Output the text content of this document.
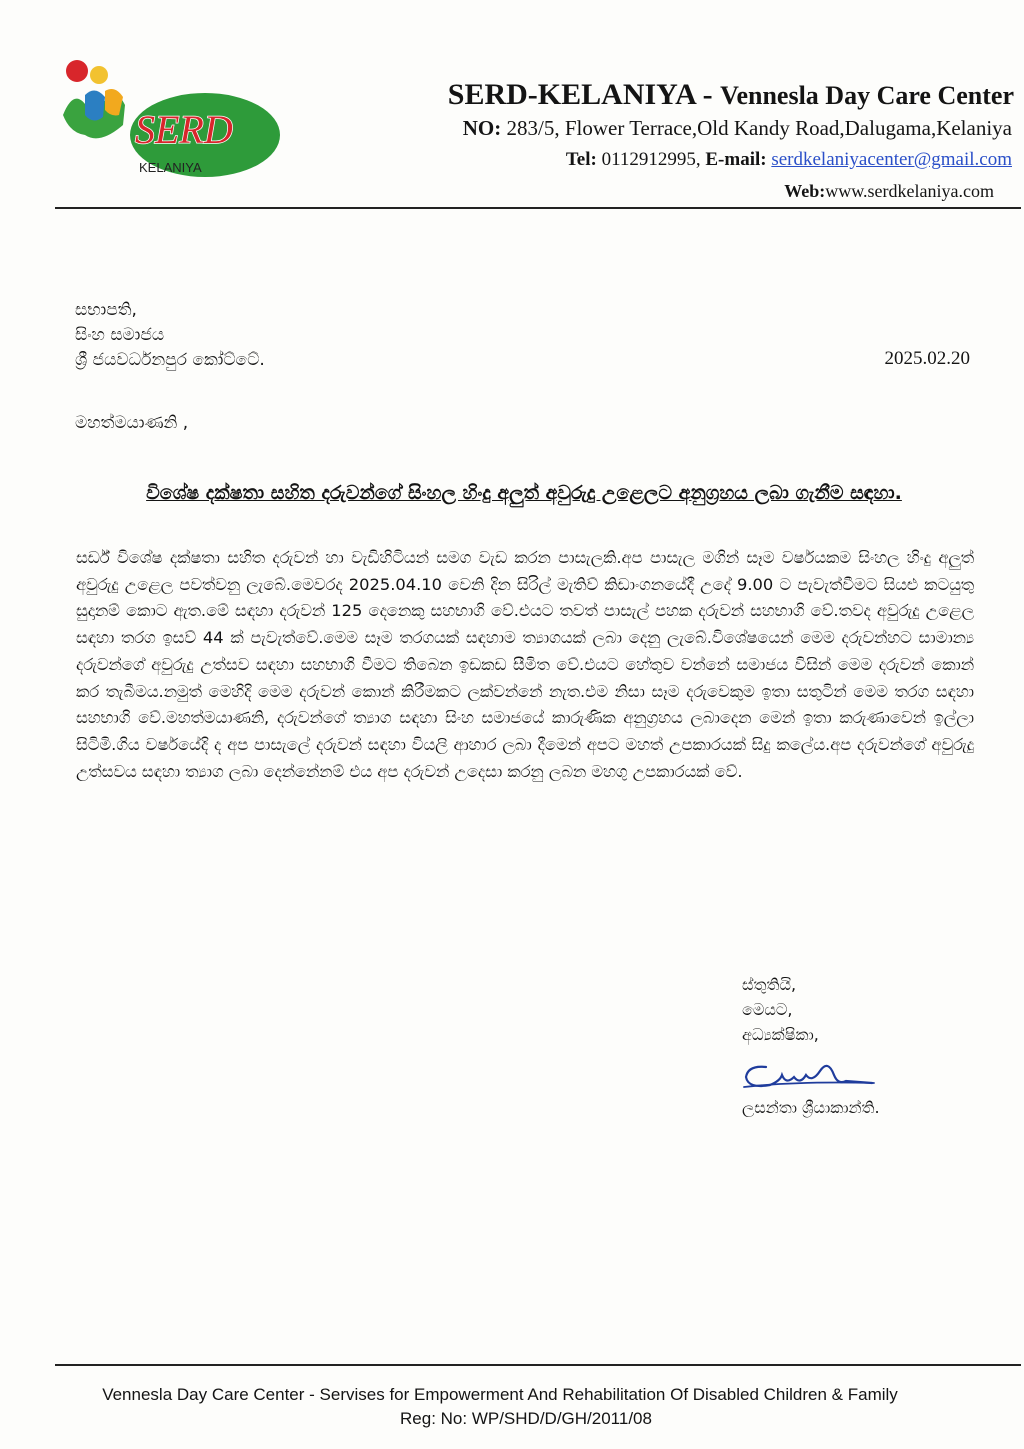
SERD
KELANIYA
SERD-KELANIYA - Vennesla Day Care Center
NO: 283/5, Flower Terrace,Old Kandy Road,Dalugama,Kelaniya
Tel: 0112912995, E-mail: serdkelaniyacenter@gmail.com
Web:www.serdkelaniya.com
සභාපති,
සිංහ සමාජය
ශ්‍රී ජයවර්ධනපුර කෝට්ටේ.	2025.02.20
මහත්මයාණනි ,
විශේෂ දක්ෂතා සහිත දරුවන්ගේ සිංහල හිංදු අලුත් අවුරුදු උළෙලට අනුග්‍රහය ලබා ගැනීම සඳහා.
සර්ඩ් විශේෂ දක්ෂතා සහිත දරුවන් හා වැඩිහිටියන් සමග වැඩ කරන පාසැලකි.අප පාසැල මගින් සෑම වර්ෂයකම සිංහල හිංදු අලුත් අවුරුදු උළෙල පවත්වනු ලැබේ.මෙවරද 2025.04.10 වෙනි දින සිරිල් මැතිව් කිඩාංගනයේදී උදේ 9.00 ට පැවැත්වීමට සියළු කටයුතු සුදානම් කොට ඇත.මේ සඳහා දරුවන් 125 දෙනෙකු සහභාගි වේ.එයට තවත් පාසැල් පහක දරුවන් සහභාගි වේ.තවද අවුරුදු උළෙල සඳහා තරග ඉසව් 44 ක් පැවැත්වේ.මෙම සෑම තරගයක් සඳහාම ත්‍යාගයක් ලබා දෙනු ලැබේ.විශේෂයෙන් මෙම දරුවන්හට සාමාන්‍ය දරුවන්ගේ අවුරුදු උත්සව සඳහා සහභාගි වීමට තිබෙන ඉඩකඩ සීමිත වේ.එයට හේතුව වන්නේ සමාජය විසින් මෙම දරුවන් කොන් කර තැබීමය.නමුත් මෙහිදි මෙම දරුවන් කොන් කිරීමකට ලක්වන්නේ නැත.එම නිසා සෑම දරුවෙකුම ඉතා සතුටින් මෙම තරග සඳහා සහභාගි වේ.මහත්මයාණනි, දරුවන්ගේ ත්‍යාග සඳහා සිංහ සමාජයේ කාරුණික අනුග්‍රහය ලබාදෙන මෙන් ඉතා කරුණාවෙන් ඉල්ලා සිටිමි.ගිය වර්ෂයේදි ද අප පාසැලේ දරුවන් සඳහා වියලි ආහාර ලබා දීමෙන් අපට මහත් උපකාරයක් සිදු කලේය.අප දරුවන්ගේ අවුරුදු උත්සවය සඳහා ත්‍යාග ලබා දෙන්නේනම් එය අප දරුවන් උදෙසා කරනු ලබන මහගු උපකාරයක් වේ.
ස්තුතියි,
මෙයට,
අධ්‍යක්ෂිකා,
ලසන්තා ශ්‍රීයාකාන්ති.
Vennesla Day Care Center - Servises for Empowerment And Rehabilitation Of Disabled Children & Family
Reg: No: WP/SHD/D/GH/2011/08
